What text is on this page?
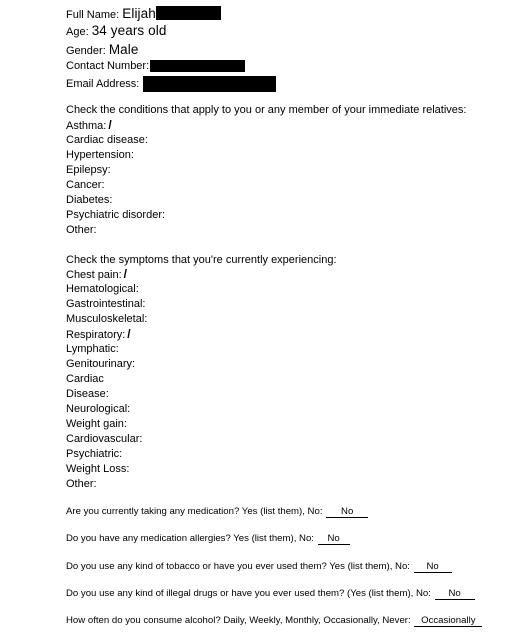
Full Name: Elijah
Age: 34 years old
Gender: Male
Contact Number:
Email Address:
Check the conditions that apply to you or any member of your immediate relatives:
Asthma: /
Cardiac disease:
Hypertension:
Epilepsy:
Cancer:
Diabetes:
Psychiatric disorder:
Other:
Check the symptoms that you're currently experiencing:
Chest pain: /
Hematological:
Gastrointestinal:
Musculoskeletal:
Respiratory: /
Lymphatic:
Genitourinary:
Cardiac
Disease:
Neurological:
Weight gain:
Cardiovascular:
Psychiatric:
Weight Loss:
Other:
Are you currently taking any medication? Yes (list them), No: No
Do you have any medication allergies? Yes (list them), No: No
Do you use any kind of tobacco or have you ever used them? Yes (list them), No: No
Do you use any kind of illegal drugs or have you ever used them? (Yes (list them), No: No
How often do you consume alcohol? Daily, Weekly, Monthly, Occasionally, Never: Occasionally
